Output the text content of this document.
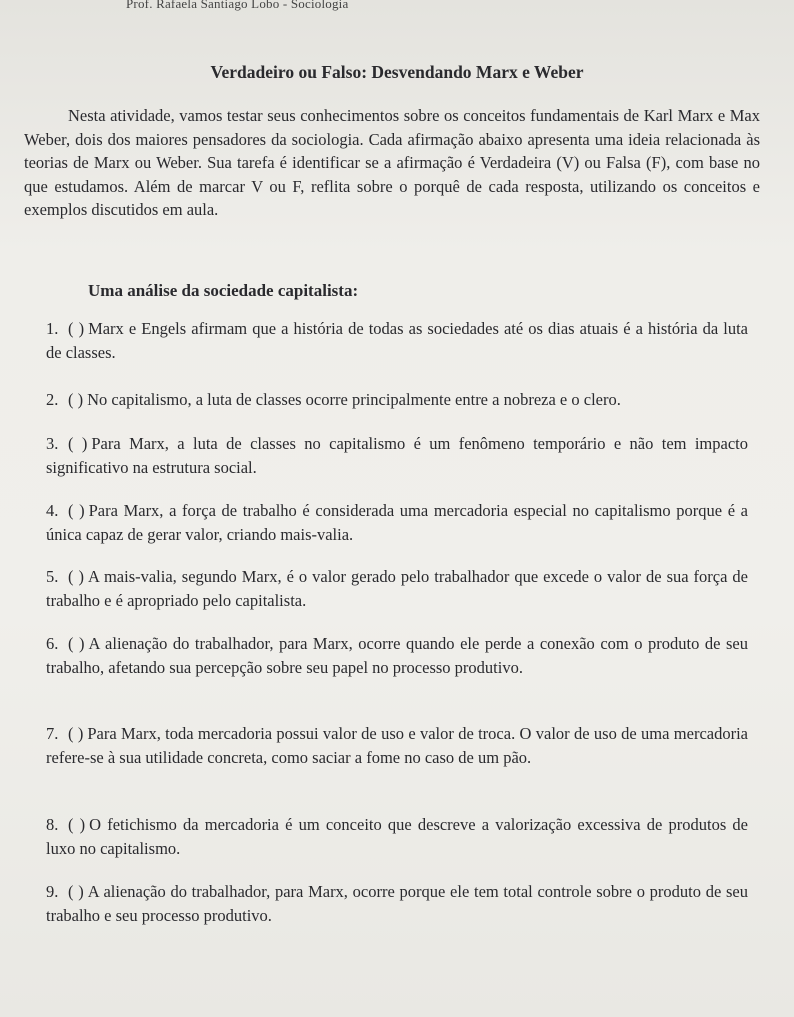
Prof. Rafaela Santiago Lobo - Sociologia
Verdadeiro ou Falso: Desvendando Marx e Weber
Nesta atividade, vamos testar seus conhecimentos sobre os conceitos fundamentais de Karl Marx e Max Weber, dois dos maiores pensadores da sociologia. Cada afirmação abaixo apresenta uma ideia relacionada às teorias de Marx ou Weber. Sua tarefa é identificar se a afirmação é Verdadeira (V) ou Falsa (F), com base no que estudamos. Além de marcar V ou F, reflita sobre o porquê de cada resposta, utilizando os conceitos e exemplos discutidos em aula.
Uma análise da sociedade capitalista:
1. ( ) Marx e Engels afirmam que a história de todas as sociedades até os dias atuais é a história da luta de classes.
2. ( ) No capitalismo, a luta de classes ocorre principalmente entre a nobreza e o clero.
3. ( ) Para Marx, a luta de classes no capitalismo é um fenômeno temporário e não tem impacto significativo na estrutura social.
4. ( ) Para Marx, a força de trabalho é considerada uma mercadoria especial no capitalismo porque é a única capaz de gerar valor, criando mais-valia.
5. ( ) A mais-valia, segundo Marx, é o valor gerado pelo trabalhador que excede o valor de sua força de trabalho e é apropriado pelo capitalista.
6. ( ) A alienação do trabalhador, para Marx, ocorre quando ele perde a conexão com o produto de seu trabalho, afetando sua percepção sobre seu papel no processo produtivo.
7. ( ) Para Marx, toda mercadoria possui valor de uso e valor de troca. O valor de uso de uma mercadoria refere-se à sua utilidade concreta, como saciar a fome no caso de um pão.
8. ( ) O fetichismo da mercadoria é um conceito que descreve a valorização excessiva de produtos de luxo no capitalismo.
9. ( ) A alienação do trabalhador, para Marx, ocorre porque ele tem total controle sobre o produto de seu trabalho e seu processo produtivo.
